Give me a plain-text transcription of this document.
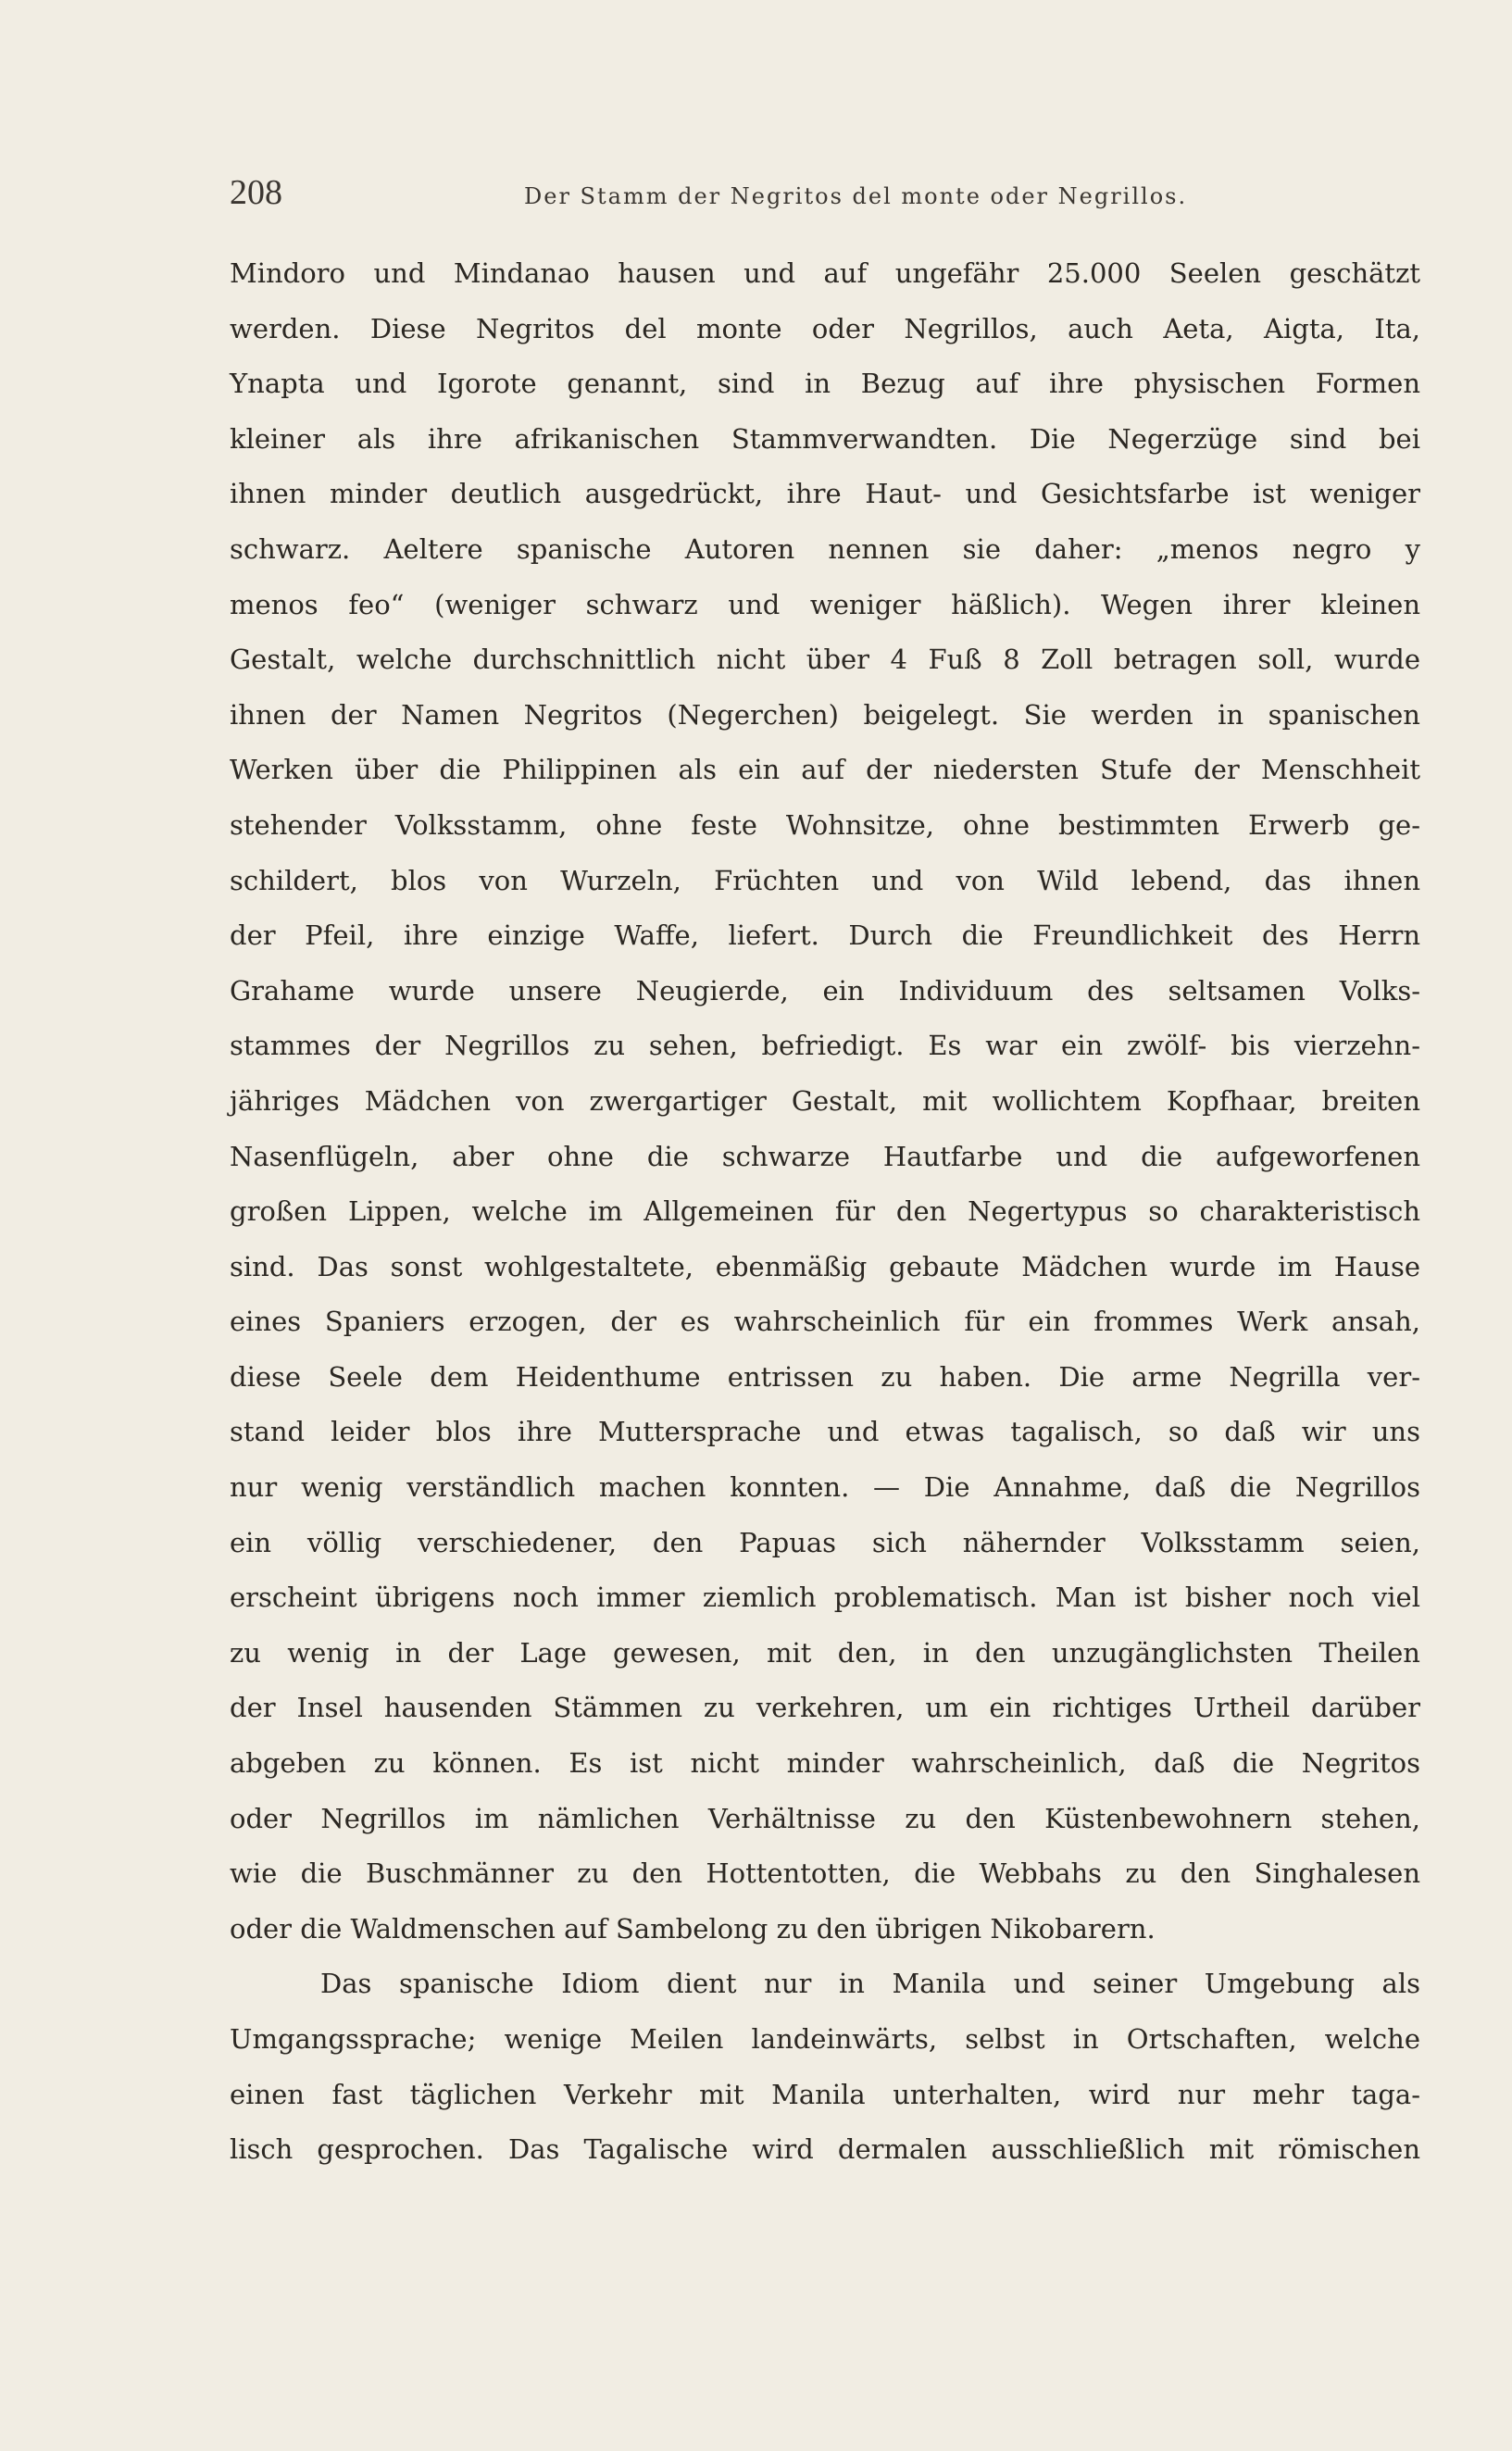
208	Der Stamm der Negritos del monte oder Negrillos.
Mindoro und Mindanao hausen und auf ungefähr 25.000 Seelen geschätzt
werden. Diese Negritos del monte oder Negrillos, auch Aeta, Aigta, Ita,
Ynapta und Igorote genannt, sind in Bezug auf ihre physischen Formen
kleiner als ihre afrikanischen Stammverwandten. Die Negerzüge sind bei
ihnen minder deutlich ausgedrückt, ihre Haut- und Gesichtsfarbe ist weniger
schwarz. Aeltere spanische Autoren nennen sie daher: „menos negro y
menos feo“ (weniger schwarz und weniger häßlich). Wegen ihrer kleinen
Gestalt, welche durchschnittlich nicht über 4 Fuß 8 Zoll betragen soll, wurde
ihnen der Namen Negritos (Negerchen) beigelegt. Sie werden in spanischen
Werken über die Philippinen als ein auf der niedersten Stufe der Menschheit
stehender Volksstamm, ohne feste Wohnsitze, ohne bestimmten Erwerb ge-
schildert, blos von Wurzeln, Früchten und von Wild lebend, das ihnen
der Pfeil, ihre einzige Waffe, liefert. Durch die Freundlichkeit des Herrn
Grahame wurde unsere Neugierde, ein Individuum des seltsamen Volks-
stammes der Negrillos zu sehen, befriedigt. Es war ein zwölf- bis vierzehn-
jähriges Mädchen von zwergartiger Gestalt, mit wollichtem Kopfhaar, breiten
Nasenflügeln, aber ohne die schwarze Hautfarbe und die aufgeworfenen
großen Lippen, welche im Allgemeinen für den Negertypus so charakteristisch
sind. Das sonst wohlgestaltete, ebenmäßig gebaute Mädchen wurde im Hause
eines Spaniers erzogen, der es wahrscheinlich für ein frommes Werk ansah,
diese Seele dem Heidenthume entrissen zu haben. Die arme Negrilla ver-
stand leider blos ihre Muttersprache und etwas tagalisch, so daß wir uns
nur wenig verständlich machen konnten. — Die Annahme, daß die Negrillos
ein völlig verschiedener, den Papuas sich nähernder Volksstamm seien,
erscheint übrigens noch immer ziemlich problematisch. Man ist bisher noch viel
zu wenig in der Lage gewesen, mit den, in den unzugänglichsten Theilen
der Insel hausenden Stämmen zu verkehren, um ein richtiges Urtheil darüber
abgeben zu können. Es ist nicht minder wahrscheinlich, daß die Negritos
oder Negrillos im nämlichen Verhältnisse zu den Küstenbewohnern stehen,
wie die Buschmänner zu den Hottentotten, die Webbahs zu den Singhalesen
oder die Waldmenschen auf Sambelong zu den übrigen Nikobarern.
Das spanische Idiom dient nur in Manila und seiner Umgebung als
Umgangssprache; wenige Meilen landeinwärts, selbst in Ortschaften, welche
einen fast täglichen Verkehr mit Manila unterhalten, wird nur mehr taga-
lisch gesprochen. Das Tagalische wird dermalen ausschließlich mit römischen
